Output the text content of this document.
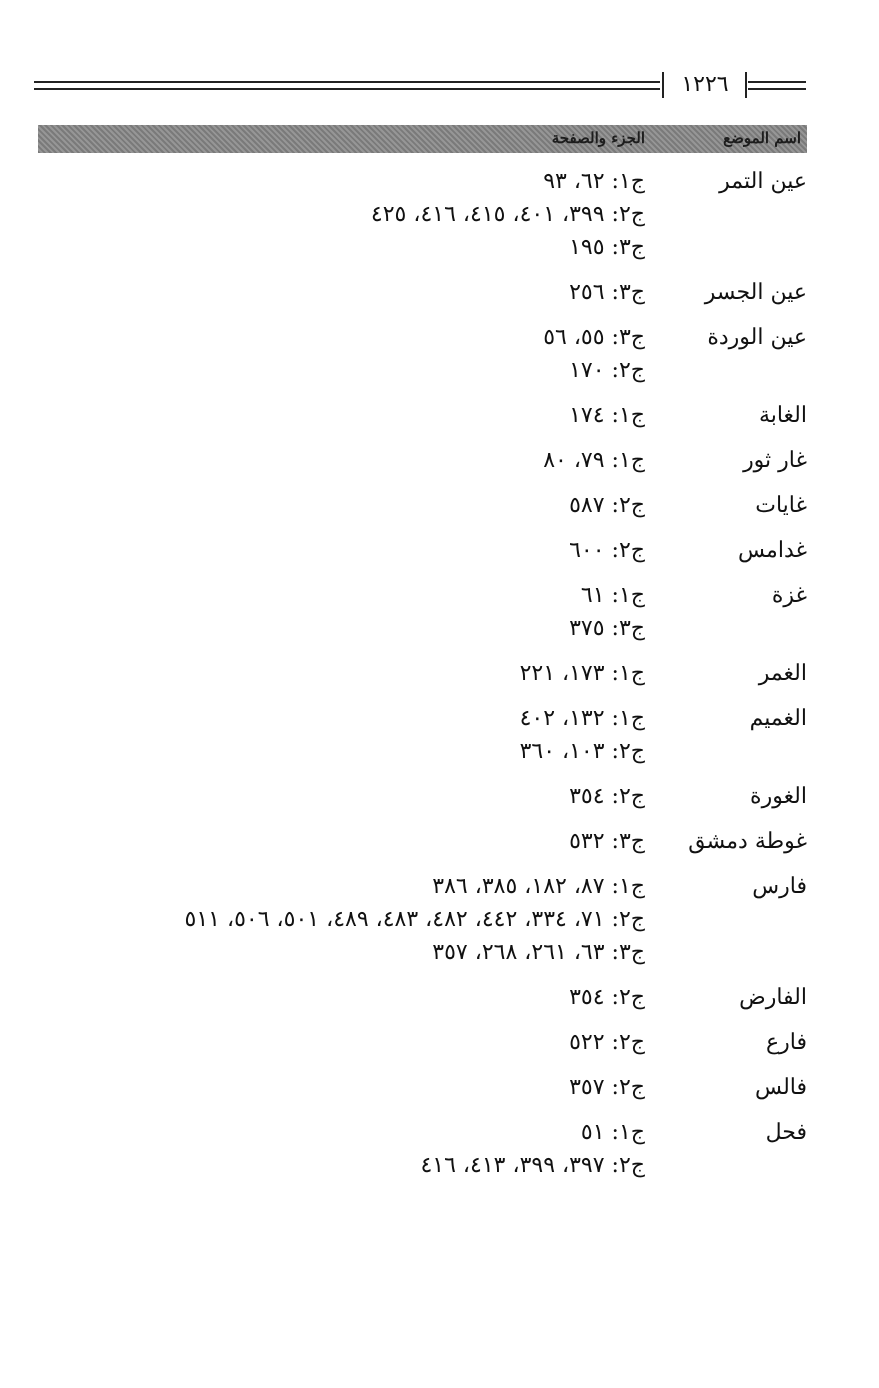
١٢٢٦
اسم الموضع
الجزء والصفحة
عين التمر
ج١: ٦٢، ٩٣
ج٢: ٣٩٩، ٤٠١، ٤١٥، ٤١٦، ٤٢٥
ج٣: ١٩٥
عين الجسر
ج٣: ٢٥٦
عين الوردة
ج٣: ٥٥، ٥٦
ج٢: ١٧٠
الغابة
ج١: ١٧٤
غار ثور
ج١: ٧٩، ٨٠
غايات
ج٢: ٥٨٧
غدامس
ج٢: ٦٠٠
غزة
ج١: ٦١
ج٣: ٣٧٥
الغمر
ج١: ١٧٣، ٢٢١
الغميم
ج١: ١٣٢، ٤٠٢
ج٢: ١٠٣، ٣٦٠
الغورة
ج٢: ٣٥٤
غوطة دمشق
ج٣: ٥٣٢
فارس
ج١: ٨٧، ١٨٢، ٣٨٥، ٣٨٦
ج٢: ٧١، ٣٣٤، ٤٤٢، ٤٨٢، ٤٨٣، ٤٨٩، ٥٠١، ٥٠٦، ٥١١
ج٣: ٦٣، ٢٦١، ٢٦٨، ٣٥٧
الفارض
ج٢: ٣٥٤
فارع
ج٢: ٥٢٢
فالس
ج٢: ٣٥٧
فحل
ج١: ٥١
ج٢: ٣٩٧، ٣٩٩، ٤١٣، ٤١٦
